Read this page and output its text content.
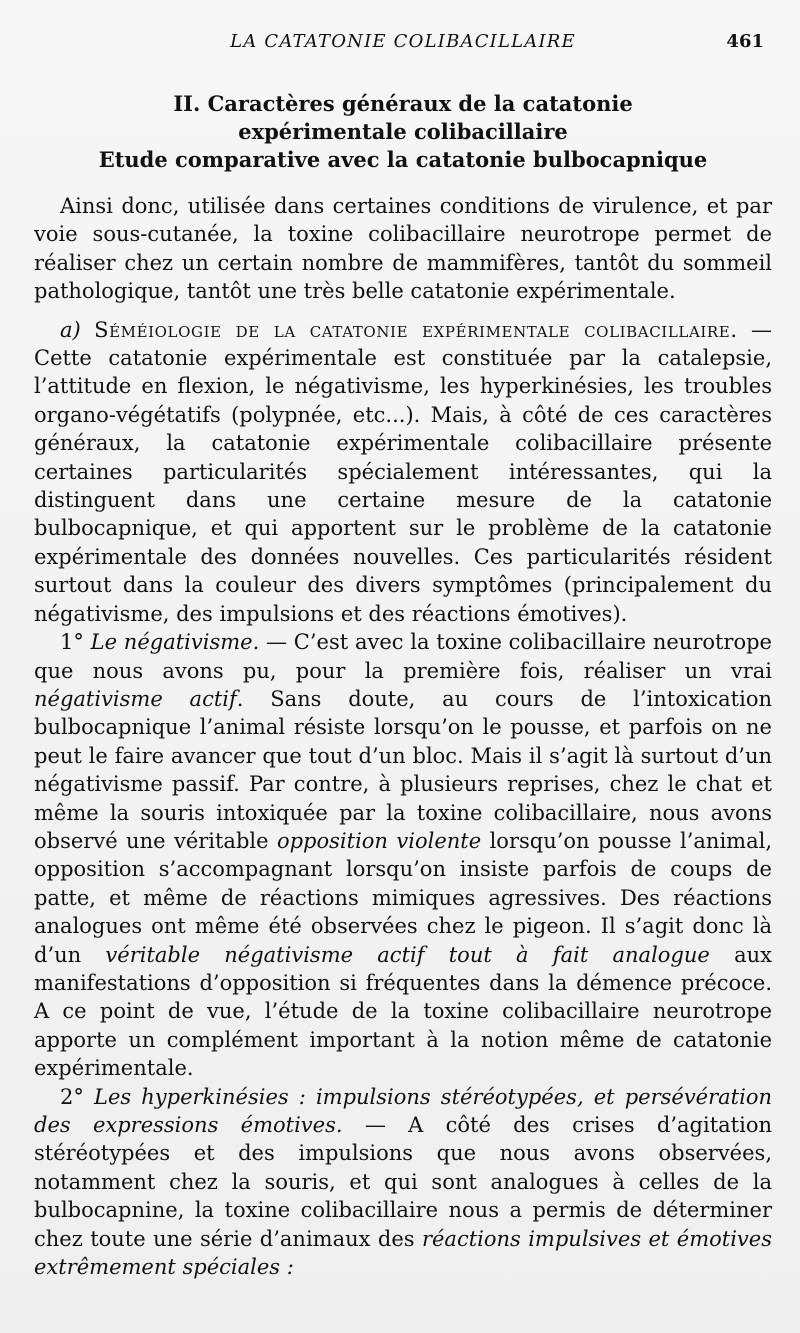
LA CATATONIE COLIBACILLAIRE	461
II. Caractères généraux de la catatonie
expérimentale colibacillaire
Etude comparative avec la catatonie bulbocapnique

Ainsi donc, utilisée dans certaines conditions de virulence, et par voie sous-cutanée, la toxine colibacillaire neurotrope permet de réaliser chez un certain nombre de mammifères, tantôt du sommeil pathologique, tantôt une très belle catatonie expérimentale.

a) Séméiologie de la catatonie expérimentale colibacillaire. — Cette catatonie expérimentale est constituée par la catalepsie, l’attitude en flexion, le négativisme, les hyperkinésies, les troubles organo-végétatifs (polypnée, etc...). Mais, à côté de ces caractères généraux, la catatonie expérimentale colibacillaire présente certaines particularités spécialement intéressantes, qui la distinguent dans une certaine mesure de la catatonie bulbocapnique, et qui apportent sur le problème de la catatonie expérimentale des données nouvelles. Ces particularités résident surtout dans la couleur des divers symptômes (principalement du négativisme, des impulsions et des réactions émotives).

1° Le négativisme. — C’est avec la toxine colibacillaire neurotrope que nous avons pu, pour la première fois, réaliser un vrai négativisme actif. Sans doute, au cours de l’intoxication bulbocapnique l’animal résiste lorsqu’on le pousse, et parfois on ne peut le faire avancer que tout d’un bloc. Mais il s’agit là surtout d’un négativisme passif. Par contre, à plusieurs reprises, chez le chat et même la souris intoxiquée par la toxine colibacillaire, nous avons observé une véritable opposition violente lorsqu’on pousse l’animal, opposition s’accompagnant lorsqu’on insiste parfois de coups de patte, et même de réactions mimiques agressives. Des réactions analogues ont même été observées chez le pigeon. Il s’agit donc là d’un véritable négativisme actif tout à fait analogue aux manifestations d’opposition si fréquentes dans la démence précoce. A ce point de vue, l’étude de la toxine colibacillaire neurotrope apporte un complément important à la notion même de catatonie expérimentale.

2° Les hyperkinésies : impulsions stéréotypées, et persévération des expressions émotives. — A côté des crises d’agitation stéréotypées et des impulsions que nous avons observées, notamment chez la souris, et qui sont analogues à celles de la bulbocapnine, la toxine colibacillaire nous a permis de déterminer chez toute une série d’animaux des réactions impulsives et émotives extrêmement spéciales :
